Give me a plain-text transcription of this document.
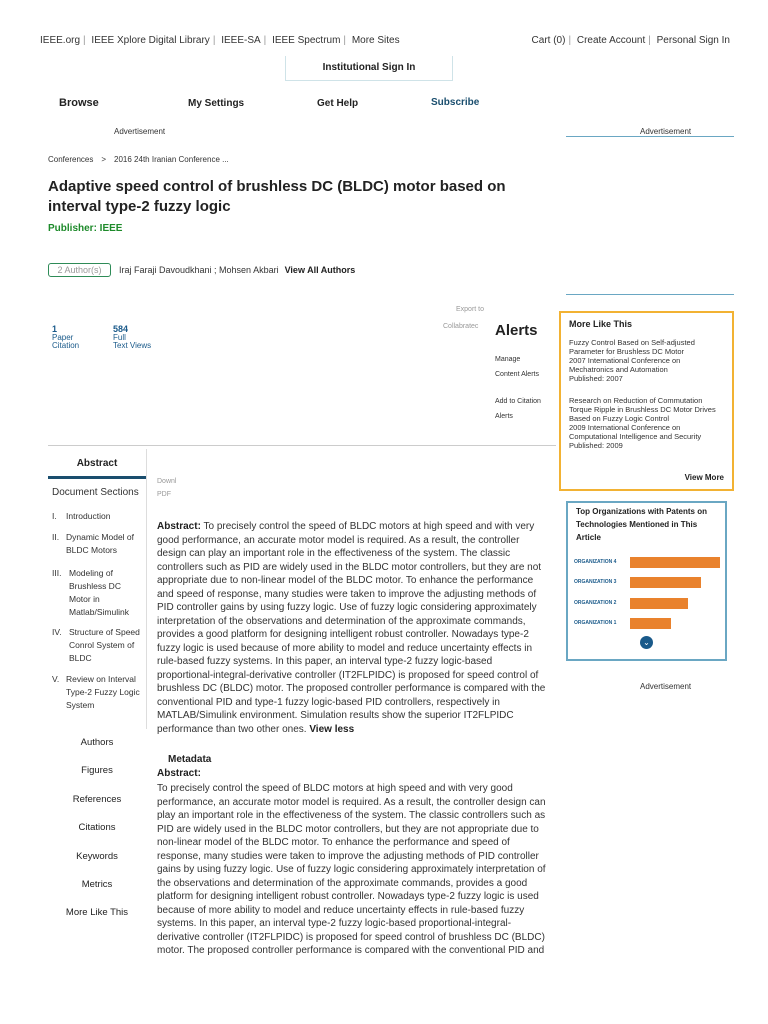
IEEE.org | IEEE Xplore Digital Library | IEEE-SA | IEEE Spectrum | More Sites	Cart (0) | Create Account | Personal Sign In
Institutional Sign In
Browse	My Settings	Get Help	Subscribe
Advertisement	Advertisement
Conferences > 2016 24th Iranian Conference ...
Adaptive speed control of brushless DC (BLDC) motor based on interval type-2 fuzzy logic
Publisher: IEEE
2 Author(s)	Iraj Faraji Davoudkhani ; Mohsen Akbari View All Authors
1
Paper
Citation
584
Full
Text Views
Export to
Collabratec Alerts
Manage
Content Alerts
Add to Citation
Alerts
More Like This
Fuzzy Control Based on Self-adjusted Parameter for Brushless DC Motor
2007 International Conference on Mechatronics and Automation
Published: 2007
Research on Reduction of Commutation Torque Ripple in Brushless DC Motor Drives Based on Fuzzy Logic Control
2009 International Conference on Computational Intelligence and Security
Published: 2009
View More
Top Organizations with Patents on Technologies Mentioned in This Article
ORGANIZATION 4
ORGANIZATION 3
ORGANIZATION 2
ORGANIZATION 1
⌄
Advertisement
Abstract
Document Sections
I. Introduction
II. Dynamic Model of BLDC Motors
III. Modeling of Brushless DC Motor in Matlab/Simulink
IV. Structure of Speed Conrol System of BLDC
V. Review on Interval Type-2 Fuzzy Logic System
Authors
Figures
References
Citations
Keywords
Metrics
More Like This
Downl
PDF
Abstract: To precisely control the speed of BLDC motors at high speed and with very good performance, an accurate motor model is required. As a result, the controller design can play an important role in the effectiveness of the system. The classic controllers such as PID are widely used in the BLDC motor controllers, but they are not appropriate due to non-linear model of the BLDC motor. To enhance the performance and speed of response, many studies were taken to improve the adjusting methods of PID controller gains by using fuzzy logic. Use of fuzzy logic considering approximately interpretation of the observations and determination of the approximate commands, provides a good platform for designing intelligent robust controller. Nowadays type-2 fuzzy logic is used because of more ability to model and reduce uncertainty effects in rule-based fuzzy systems. In this paper, an interval type-2 fuzzy logic-based proportional-integral-derivative controller (IT2FLPIDC) is proposed for speed control of brushless DC (BLDC) motor. The proposed controller performance is compared with the conventional PID and type-1 fuzzy logic-based PID controllers, respectively in MATLAB/Simulink environment. Simulation results show the superior IT2FLPIDC performance than two other ones. View less
Metadata
Abstract:
To precisely control the speed of BLDC motors at high speed and with very good performance, an accurate motor model is required. As a result, the controller design can play an important role in the effectiveness of the system. The classic controllers such as PID are widely used in the BLDC motor controllers, but they are not appropriate due to non-linear model of the BLDC motor. To enhance the performance and speed of response, many studies were taken to improve the adjusting methods of PID controller gains by using fuzzy logic. Use of fuzzy logic considering approximately interpretation of the observations and determination of the approximate commands, provides a good platform for designing intelligent robust controller. Nowadays type-2 fuzzy logic is used because of more ability to model and reduce uncertainty effects in rule-based fuzzy systems. In this paper, an interval type-2 fuzzy logic-based proportional-integral-derivative controller (IT2FLPIDC) is proposed for speed control of brushless DC (BLDC) motor. The proposed controller performance is compared with the conventional PID and
